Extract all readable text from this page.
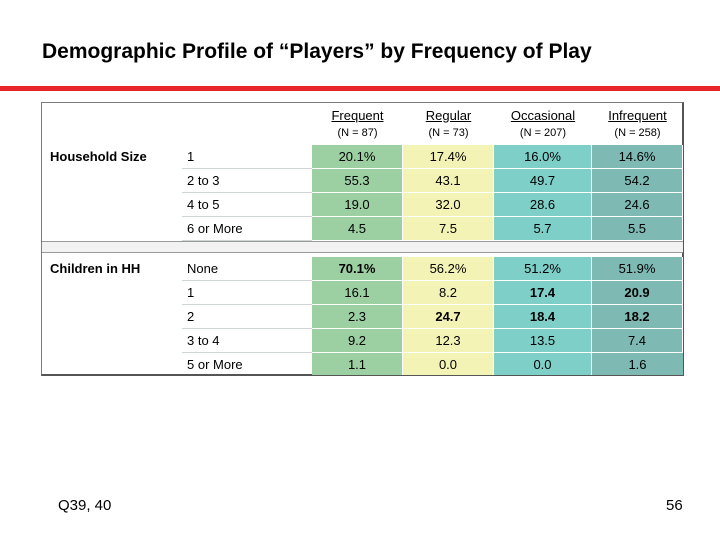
Demographic Profile of “Players” by Frequency of Play
Frequent	Regular	Occasional	Infrequent
(N = 87)	(N = 73)	(N = 207)	(N = 258)
Household Size	1	20.1%	17.4%	16.0%	14.6%
2 to 3	55.3	43.1	49.7	54.2
4 to 5	19.0	32.0	28.6	24.6
6 or More	4.5	7.5	5.7	5.5
Children in HH	None	70.1%	56.2%	51.2%	51.9%
1	16.1	8.2	17.4	20.9
2	2.3	24.7	18.4	18.2
3 to 4	9.2	12.3	13.5	7.4
5 or More	1.1	0.0	0.0	1.6
Q39, 40	56
